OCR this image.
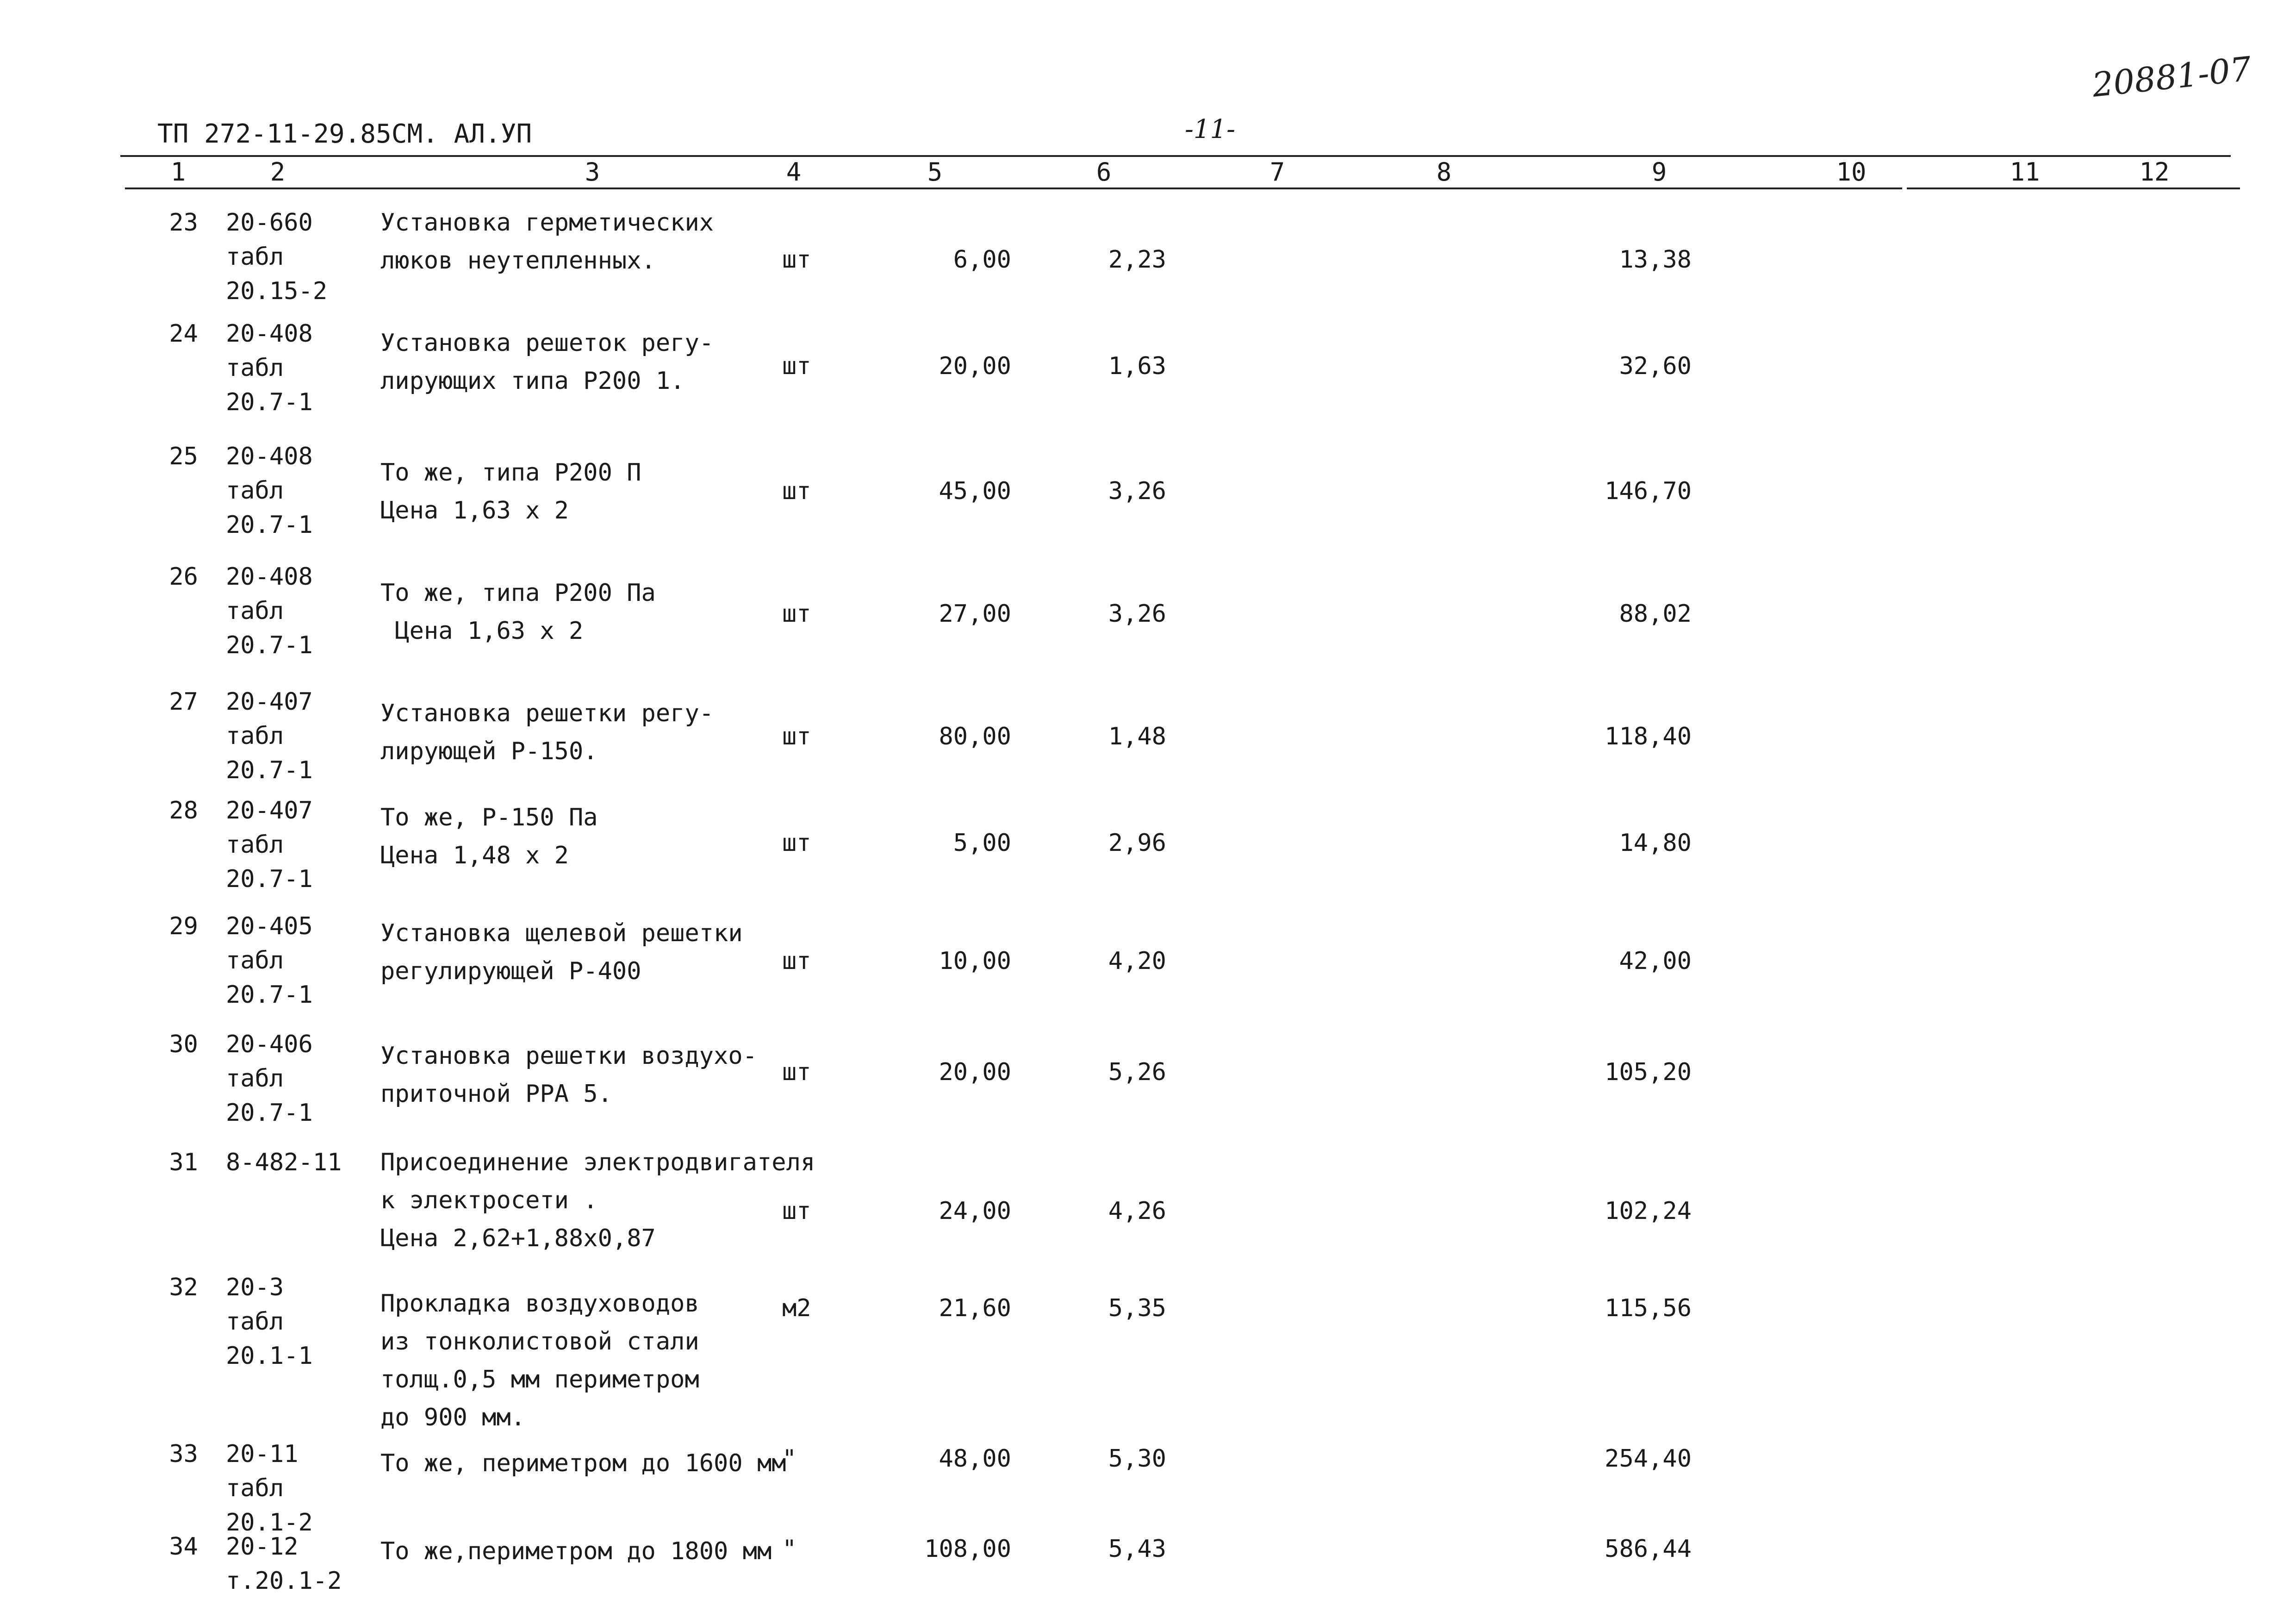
20881-07
ТП 272-11-29.85СМ. АЛ.УП	-11-
1	2	3	4	5	6	7	8	9	10	11	12
23 20-660
табл
20.15-2
Установка герметических
люков неутепленных.	шт	6,00	2,23	13,38
24 20-408
табл
20.7-1
Установка решеток регу-
лирующих типа Р200 1.
шт	20,00	1,63	32,60
25 20-408
табл
20.7-1
То же, типа Р200 П
Цена 1,63 х 2
шт	45,00	3,26	146,70
26 20-408
табл
20.7-1
То же, типа Р200 Па
Цена 1,63 х 2
шт	27,00	3,26	88,02
27 20-407
табл
20.7-1
Установка решетки регу-
лирующей Р-150.
шт	80,00	1,48	118,40
28 20-407
табл
20.7-1
То же, Р-150 Па
Цена 1,48 х 2	шт	5,00	2,96	14,80
29 20-405
табл
20.7-1
Установка щелевой решетки
регулирующей Р-400	шт	10,00	4,20	42,00
30 20-406
табл
20.7-1
Установка решетки воздухо-
приточной РРА 5.
шт	20,00	5,26	105,20
31 8-482-11 Присоединение электродвигателя
к электросети .
Цена 2,62+1,88х0,87
шт	24,00	4,26	102,24
32 20-3
табл
20.1-1
Прокладка воздуховодов
из тонколистовой стали
толщ.0,5 мм периметром
до 900 мм.
м2	21,60	5,35	115,56
33 20-11
табл
20.1-2
То же, периметром до 1600 мм
"	48,00	5,30	254,40
34 20-12
т.20.1-2
То же,периметром до 1800 мм "	108,00	5,43	586,44
